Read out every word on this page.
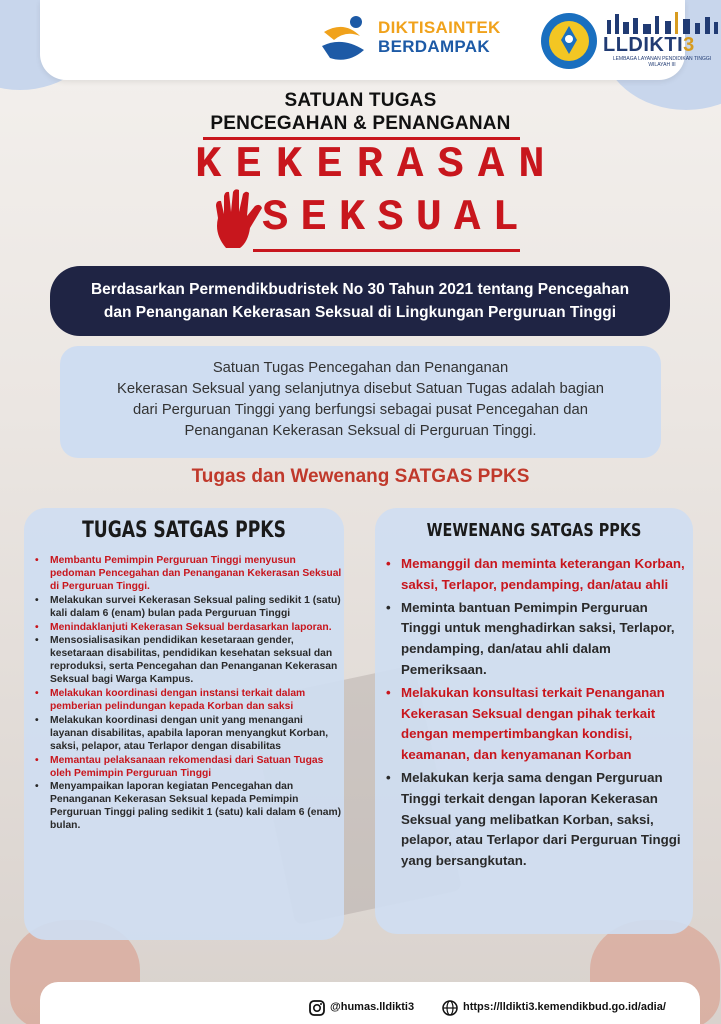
DIKTISAINTEK
BERDAMPAK	LLDIKTI3
LEMBAGA LAYANAN PENDIDIKAN TINGGI
WILAYAH III
SATUAN TUGAS
PENCEGAHAN & PENANGANAN
KEKERASAN
SEKSUAL
Berdasarkan Permendikbudristek No 30 Tahun 2021 tentang Pencegahan
dan Penanganan Kekerasan Seksual di Lingkungan Perguruan Tinggi
Satuan Tugas Pencegahan dan Penanganan
Kekerasan Seksual yang selanjutnya disebut Satuan Tugas adalah bagian
dari Perguruan Tinggi yang berfungsi sebagai pusat Pencegahan dan
Penanganan Kekerasan Seksual di Perguruan Tinggi.
Tugas dan Wewenang SATGAS PPKS
TUGAS SATGAS PPKS
• Membantu Pemimpin Perguruan Tinggi menyusun pedoman Pencegahan dan Penanganan Kekerasan Seksual di Perguruan Tinggi.
• Melakukan survei Kekerasan Seksual paling sedikit 1 (satu) kali dalam 6 (enam) bulan pada Perguruan Tinggi
• Menindaklanjuti Kekerasan Seksual berdasarkan laporan.
• Mensosialisasikan pendidikan kesetaraan gender, kesetaraan disabilitas, pendidikan kesehatan seksual dan reproduksi, serta Pencegahan dan Penanganan Kekerasan Seksual bagi Warga Kampus.
• Melakukan koordinasi dengan instansi terkait dalam pemberian pelindungan kepada Korban dan saksi
• Melakukan koordinasi dengan unit yang menangani layanan disabilitas, apabila laporan menyangkut Korban, saksi, pelapor, atau Terlapor dengan disabilitas
• Memantau pelaksanaan rekomendasi dari Satuan Tugas oleh Pemimpin Perguruan Tinggi
• Menyampaikan laporan kegiatan Pencegahan dan Penanganan Kekerasan Seksual kepada Pemimpin Perguruan Tinggi paling sedikit 1 (satu) kali dalam 6 (enam) bulan.
WEWENANG SATGAS PPKS
• Memanggil dan meminta keterangan Korban, saksi, Terlapor, pendamping, dan/atau ahli
• Meminta bantuan Pemimpin Perguruan Tinggi untuk menghadirkan saksi, Terlapor, pendamping, dan/atau ahli dalam Pemeriksaan.
• Melakukan konsultasi terkait Penanganan Kekerasan Seksual dengan pihak terkait dengan mempertimbangkan kondisi, keamanan, dan kenyamanan Korban
• Melakukan kerja sama dengan Perguruan Tinggi terkait dengan laporan Kekerasan Seksual yang melibatkan Korban, saksi, pelapor, atau Terlapor dari Perguruan Tinggi yang bersangkutan.
@humas.lldikti3	https://lldikti3.kemendikbud.go.id/adia/
